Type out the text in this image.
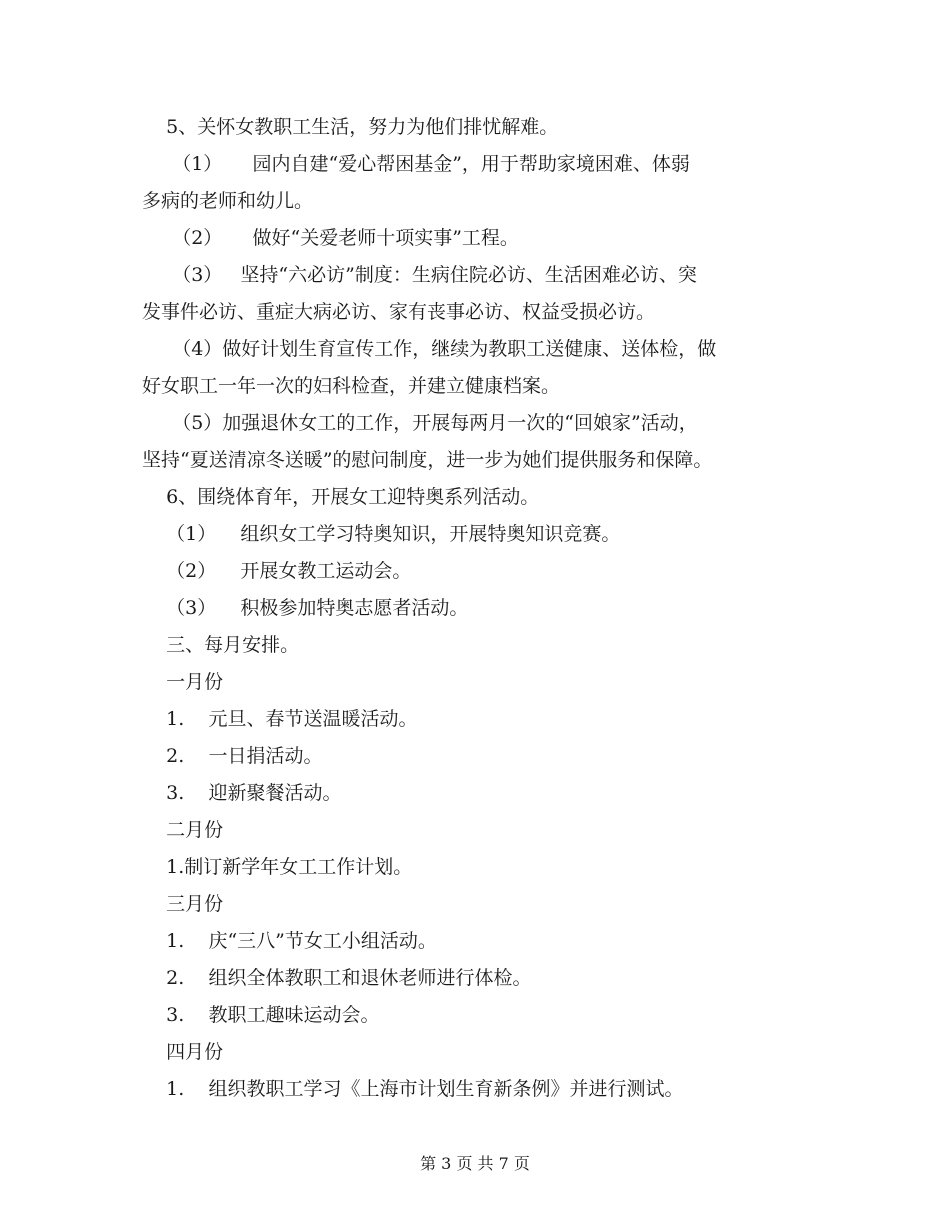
5、关怀女教职工生活，努力为他们排忧解难。
（1）     园内自建“爱心帮困基金”，用于帮助家境困难、体弱
多病的老师和幼儿。
（2）     做好“关爱老师十项实事”工程。
（3）   坚持“六必访”制度：生病住院必访、生活困难必访、突
发事件必访、重症大病必访、家有丧事必访、权益受损必访。
（4）做好计划生育宣传工作，继续为教职工送健康、送体检，做
好女职工一年一次的妇科检查，并建立健康档案。
（5）加强退休女工的工作，开展每两月一次的“回娘家”活动，
坚持“夏送清凉冬送暖”的慰问制度，进一步为她们提供服务和保障。
6、围绕体育年，开展女工迎特奥系列活动。
（1）    组织女工学习特奥知识，开展特奥知识竞赛。
（2）    开展女教工运动会。
（3）    积极参加特奥志愿者活动。
三、每月安排。
一月份
1.    元旦、春节送温暖活动。
2.    一日捐活动。
3.    迎新聚餐活动。
二月份
1.制订新学年女工工作计划。
三月份
1.    庆“三八”节女工小组活动。
2.    组织全体教职工和退休老师进行体检。
3.    教职工趣味运动会。
四月份
1.    组织教职工学习《上海市计划生育新条例》并进行测试。
第 3 页 共 7 页
